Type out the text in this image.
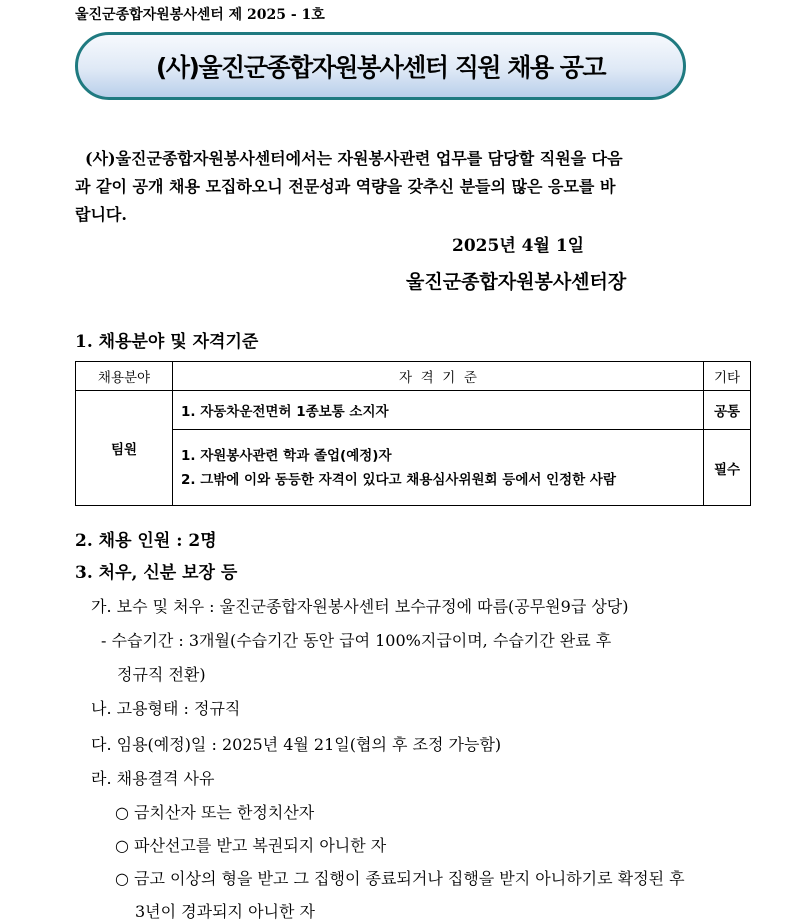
울진군종합자원봉사센터 제 2025 - 1호
(사)울진군종합자원봉사센터 직원 채용 공고
(사)울진군종합자원봉사센터에서는 자원봉사관련 업무를 담당할 직원을 다음
과 같이 공개 채용 모집하오니 전문성과 역량을 갖추신 분들의 많은 응모를 바
랍니다.
2025년 4월 1일
울진군종합자원봉사센터장
1. 채용분야 및 자격기준
채용분야	자  격  기  준	기타
팀원	1. 자동차운전면허 1종보통 소지자	공통

	1. 자원봉사관련 학과 졸업(예정)자
2. 그밖에 이와 동등한 자격이 있다고 채용심사위원회 등에서 인정한 사람	필수
2. 채용 인원 : 2명
3. 처우, 신분 보장 등
가. 보수 및 처우 : 울진군종합자원봉사센터 보수규정에 따름(공무원9급 상당)
- 수습기간 : 3개월(수습기간 동안 급여 100%지급이며, 수습기간 완료 후
정규직 전환)
나. 고용형태 : 정규직
다. 임용(예정)일 : 2025년 4월 21일(협의 후 조정 가능함)
라. 채용결격 사유
○ 금치산자 또는 한정치산자
○ 파산선고를 받고 복권되지 아니한 자
○ 금고 이상의 형을 받고 그 집행이 종료되거나 집행을 받지 아니하기로 확정된 후
3년이 경과되지 아니한 자
